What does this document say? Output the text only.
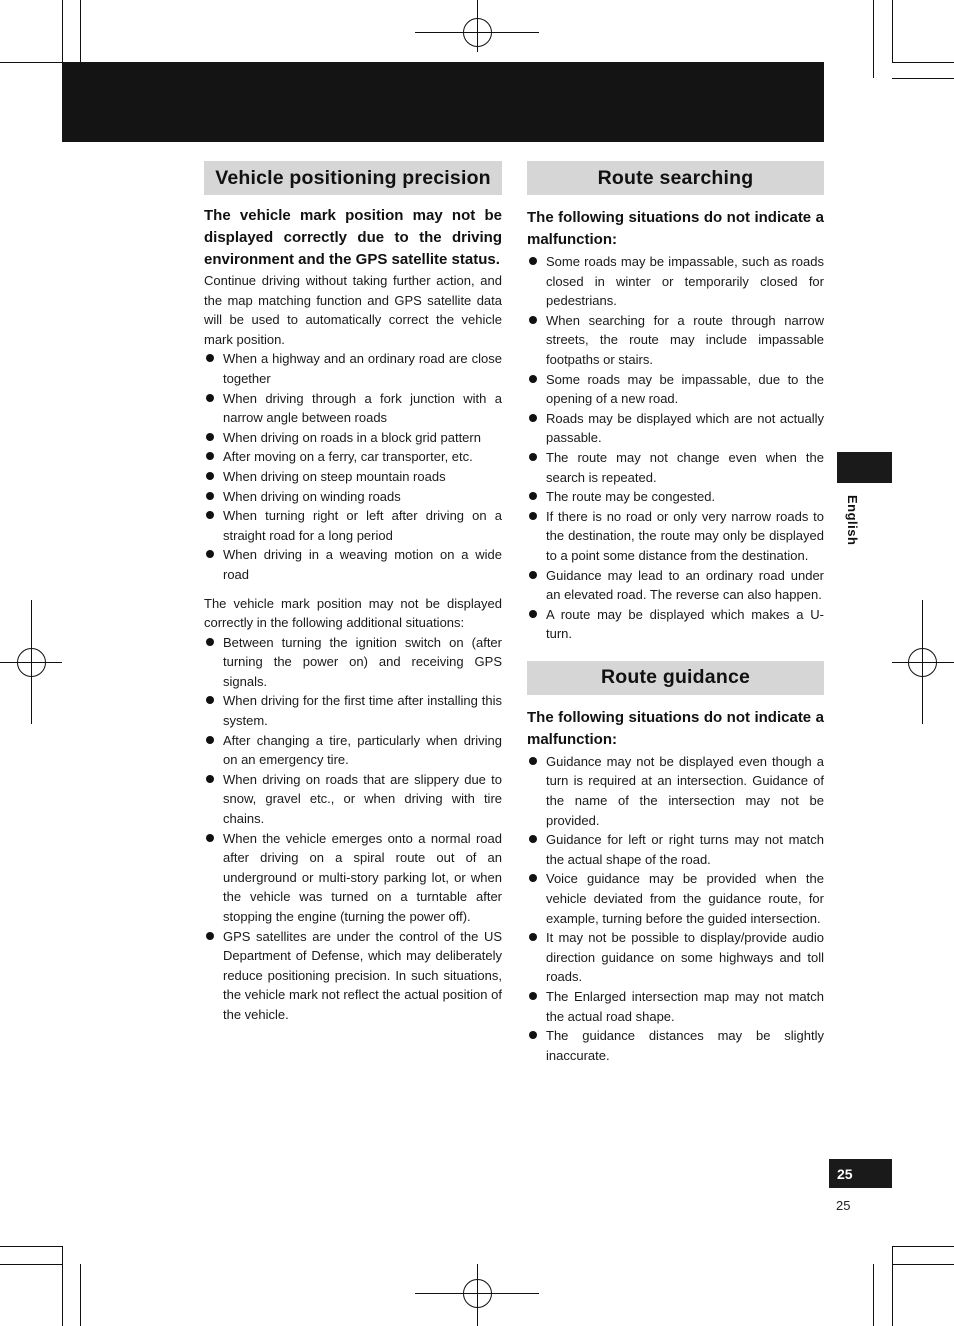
Vehicle positioning precision
The vehicle mark position may not be displayed correctly due to the driving environment and the GPS satellite status.
Continue driving without taking further action, and the map matching function and GPS satellite data will be used to automatically correct the vehicle mark position.
When a highway and an ordinary road are close together
When driving through a fork junction with a narrow angle between roads
When driving on roads in a block grid pattern
After moving on a ferry, car transporter, etc.
When driving on steep mountain roads
When driving on winding roads
When turning right or left after driving on a straight road for a long period
When driving in a weaving motion on a wide road
The vehicle mark position may not be displayed correctly in the following additional situations:
Between turning the ignition switch on (after turning the power on) and receiving GPS signals.
When driving for the first time after installing this system.
After changing a tire, particularly when driving on an emergency tire.
When driving on roads that are slippery due to snow, gravel etc., or when driving with tire chains.
When the vehicle emerges onto a normal road after driving on a spiral route out of an underground or multi-story parking lot, or when the vehicle was turned on a turntable after stopping the engine (turning the power off).
GPS satellites are under the control of the US Department of Defense, which may deliberately reduce positioning precision. In such situations, the vehicle mark not reflect the actual position of the vehicle.
Route searching
The following situations do not indicate a malfunction:
Some roads may be impassable, such as roads closed in winter or temporarily closed for pedestrians.
When searching for a route through narrow streets, the route may include impassable footpaths or stairs.
Some roads may be impassable, due to the opening of a new road.
Roads may be displayed which are not actually passable.
The route may not change even when the search is repeated.
The route may be congested.
If there is no road or only very narrow roads to the destination, the route may only be displayed to a point some distance from the destination.
Guidance may lead to an ordinary road under an elevated road. The reverse can also happen.
A route may be displayed which makes a U-turn.
Route guidance
The following situations do not indicate a malfunction:
Guidance may not be displayed even though a turn is required at an intersection. Guidance of the name of the intersection may not be provided.
Guidance for left or right turns may not match the actual shape of the road.
Voice guidance may be provided when the vehicle deviated from the guidance route, for example, turning before the guided intersection.
It may not be possible to display/provide audio direction guidance on some highways and toll roads.
The Enlarged intersection map may not match the actual road shape.
The guidance distances may be slightly inaccurate.
English
25
25
